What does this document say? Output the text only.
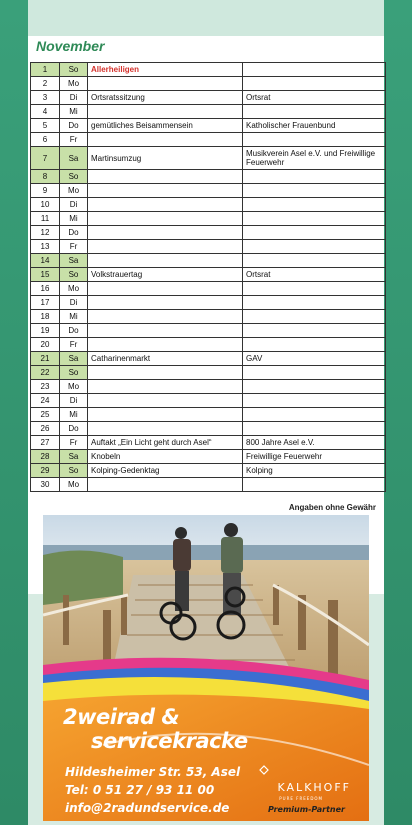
November
1	So	Allerheiligen	
2	Mo		
3	Di	Ortsratssitzung	Ortsrat
4	Mi		
5	Do	gemütliches Beisammensein	Katholischer Frauenbund
6	Fr		
7	Sa	Martinsumzug	Musikverein Asel e.V. und Freiwillige Feuerwehr
8	So		
9	Mo		
10	Di		
11	Mi		
12	Do		
13	Fr		
14	Sa		
15	So	Volkstrauertag	Ortsrat
16	Mo		
17	Di		
18	Mi		
19	Do		
20	Fr		
21	Sa	Catharinenmarkt	GAV
22	So		
23	Mo		
24	Di		
25	Mi		
26	Do		
27	Fr	Auftakt „Ein Licht geht durch Asel“	800 Jahre Asel e.V.
28	Sa	Knobeln	Freiwillige Feuerwehr
29	So	Kolping-Gedenktag	Kolping
30	Mo		
Angaben ohne Gewähr
2weirad &
servicekracke
Hildesheimer Str. 53, Asel
Tel: 0 51 27 / 93 11 00
info@2radundservice.de
KALKHOFF
PURE FREEDOM
Premium-Partner
